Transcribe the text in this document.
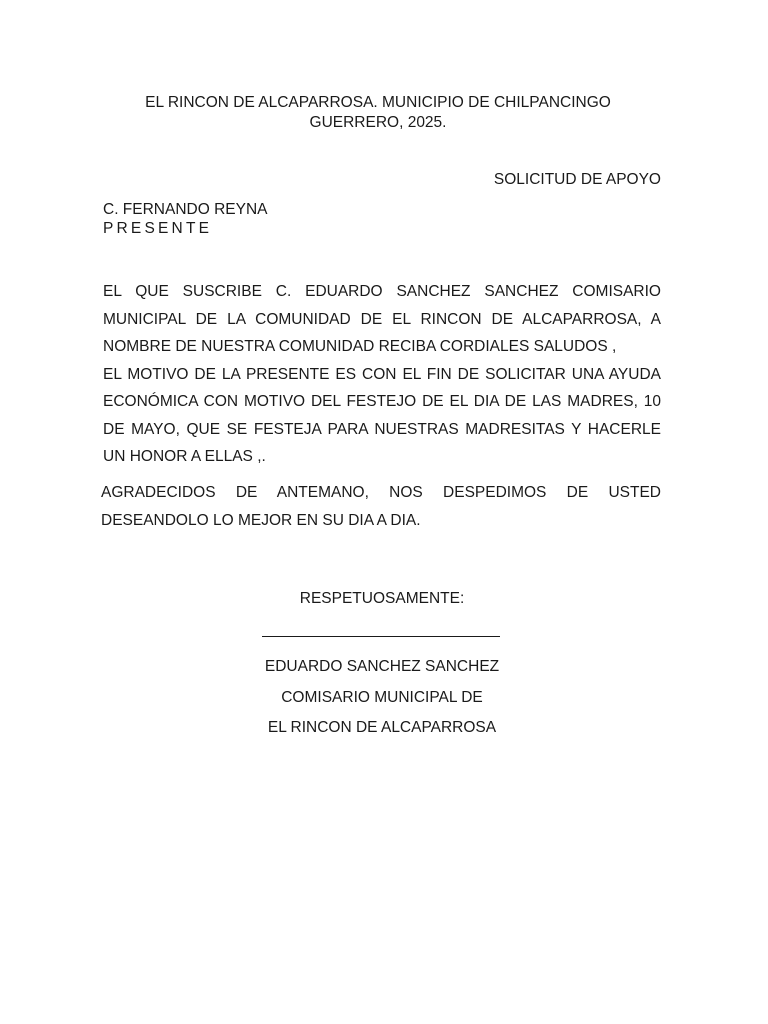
EL RINCON DE ALCAPARROSA. MUNICIPIO DE CHILPANCINGO
GUERRERO, 2025.
SOLICITUD DE APOYO
C. FERNANDO REYNA
PRESENTE

EL QUE SUSCRIBE C. EDUARDO SANCHEZ SANCHEZ COMISARIO MUNICIPAL DE LA COMUNIDAD DE EL RINCON DE ALCAPARROSA, A NOMBRE DE NUESTRA COMUNIDAD RECIBA CORDIALES SALUDOS ,

EL MOTIVO DE LA PRESENTE ES CON EL FIN DE SOLICITAR UNA AYUDA ECONÓMICA CON MOTIVO DEL FESTEJO DE EL DIA DE LAS MADRES, 10 DE MAYO, QUE SE FESTEJA PARA NUESTRAS MADRESITAS Y HACERLE UN HONOR A ELLAS ,.

AGRADECIDOS DE ANTEMANO, NOS DESPEDIMOS DE USTED DESEANDOLO LO MEJOR EN SU DIA A DIA.
RESPETUOSAMENTE:
EDUARDO SANCHEZ SANCHEZ
COMISARIO MUNICIPAL DE
EL RINCON DE ALCAPARROSA
